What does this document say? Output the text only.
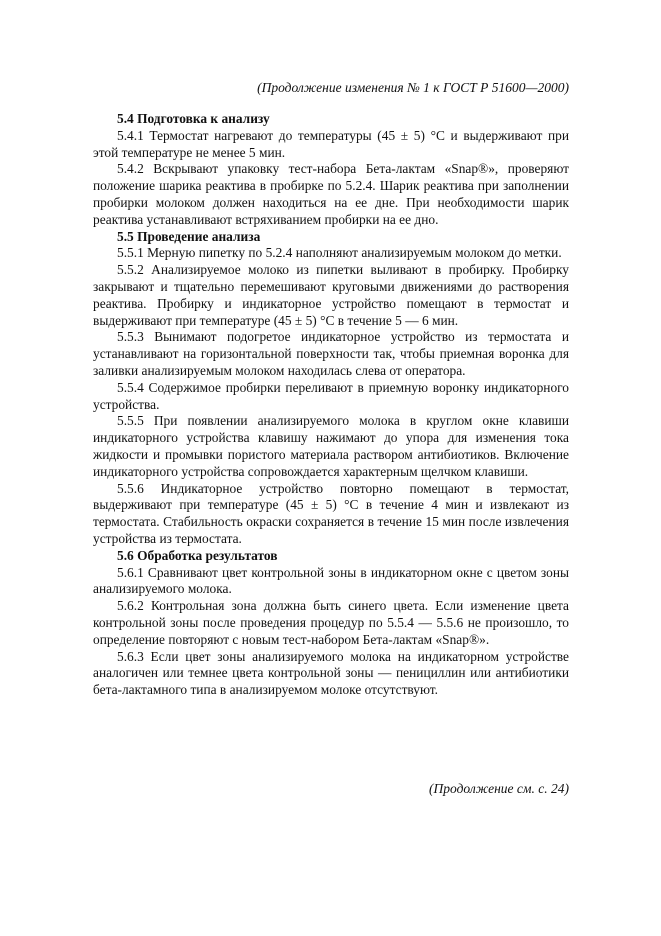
(Продолжение изменения № 1 к ГОСТ Р 51600—2000)
5.4 Подготовка к анализу

5.4.1 Термостат нагревают до температуры (45 ± 5) °С и выдерживают при этой температуре не менее 5 мин.

5.4.2 Вскрывают упаковку тест-набора Бета-лактам «Snap®», проверяют положение шарика реактива в пробирке по 5.2.4. Шарик реактива при заполнении пробирки молоком должен находиться на ее дне. При необходимости шарик реактива устанавливают встряхиванием пробирки на ее дно.

5.5 Проведение анализа

5.5.1 Мерную пипетку по 5.2.4 наполняют анализируемым молоком до метки.

5.5.2 Анализируемое молоко из пипетки выливают в пробирку. Пробирку закрывают и тщательно перемешивают круговыми движениями до растворения реактива. Пробирку и индикаторное устройство помещают в термостат и выдерживают при температуре (45 ± 5) °С в течение 5 — 6 мин.

5.5.3 Вынимают подогретое индикаторное устройство из термостата и устанавливают на горизонтальной поверхности так, чтобы приемная воронка для заливки анализируемым молоком находилась слева от оператора.

5.5.4 Содержимое пробирки переливают в приемную воронку индикаторного устройства.

5.5.5 При появлении анализируемого молока в круглом окне клавиши индикаторного устройства клавишу нажимают до упора для изменения тока жидкости и промывки пористого материала раствором антибиотиков. Включение индикаторного устройства сопровождается характерным щелчком клавиши.

5.5.6 Индикаторное устройство повторно помещают в термостат, выдерживают при температуре (45 ± 5) °С в течение 4 мин и извлекают из термостата. Стабильность окраски сохраняется в течение 15 мин после извлечения устройства из термостата.

5.6 Обработка результатов

5.6.1 Сравнивают цвет контрольной зоны в индикаторном окне с цветом зоны анализируемого молока.

5.6.2 Контрольная зона должна быть синего цвета. Если изменение цвета контрольной зоны после проведения процедур по 5.5.4 — 5.5.6 не произошло, то определение повторяют с новым тест-набором Бета-лактам «Snap®».

5.6.3 Если цвет зоны анализируемого молока на индикаторном устройстве аналогичен или темнее цвета контрольной зоны — пенициллин или антибиотики бета-лактамного типа в анализируемом молоке отсутствуют.

(Продолжение см. с. 24)
